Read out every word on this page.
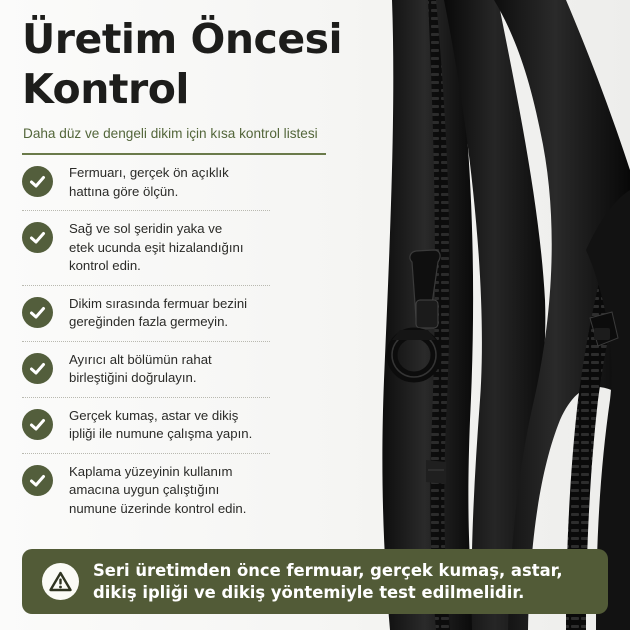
Üretim Öncesi
Kontrol

Daha düz ve dengeli dikim için kısa kontrol listesi

Fermuarı, gerçek ön açıklık
hattına göre ölçün.
Sağ ve sol şeridin yaka ve
etek ucunda eşit hizalandığını
kontrol edin.
Dikim sırasında fermuar bezini
gereğinden fazla germeyin.
Ayırıcı alt bölümün rahat
birleştiğini doğrulayın.
Gerçek kumaş, astar ve dikiş
ipliği ile numune çalışma yapın.
Kaplama yüzeyinin kullanım
amacına uygun çalıştığını
numune üzerinde kontrol edin.
Seri üretimden önce fermuar, gerçek kumaş, astar,
dikiş ipliği ve dikiş yöntemiyle test edilmelidir.
